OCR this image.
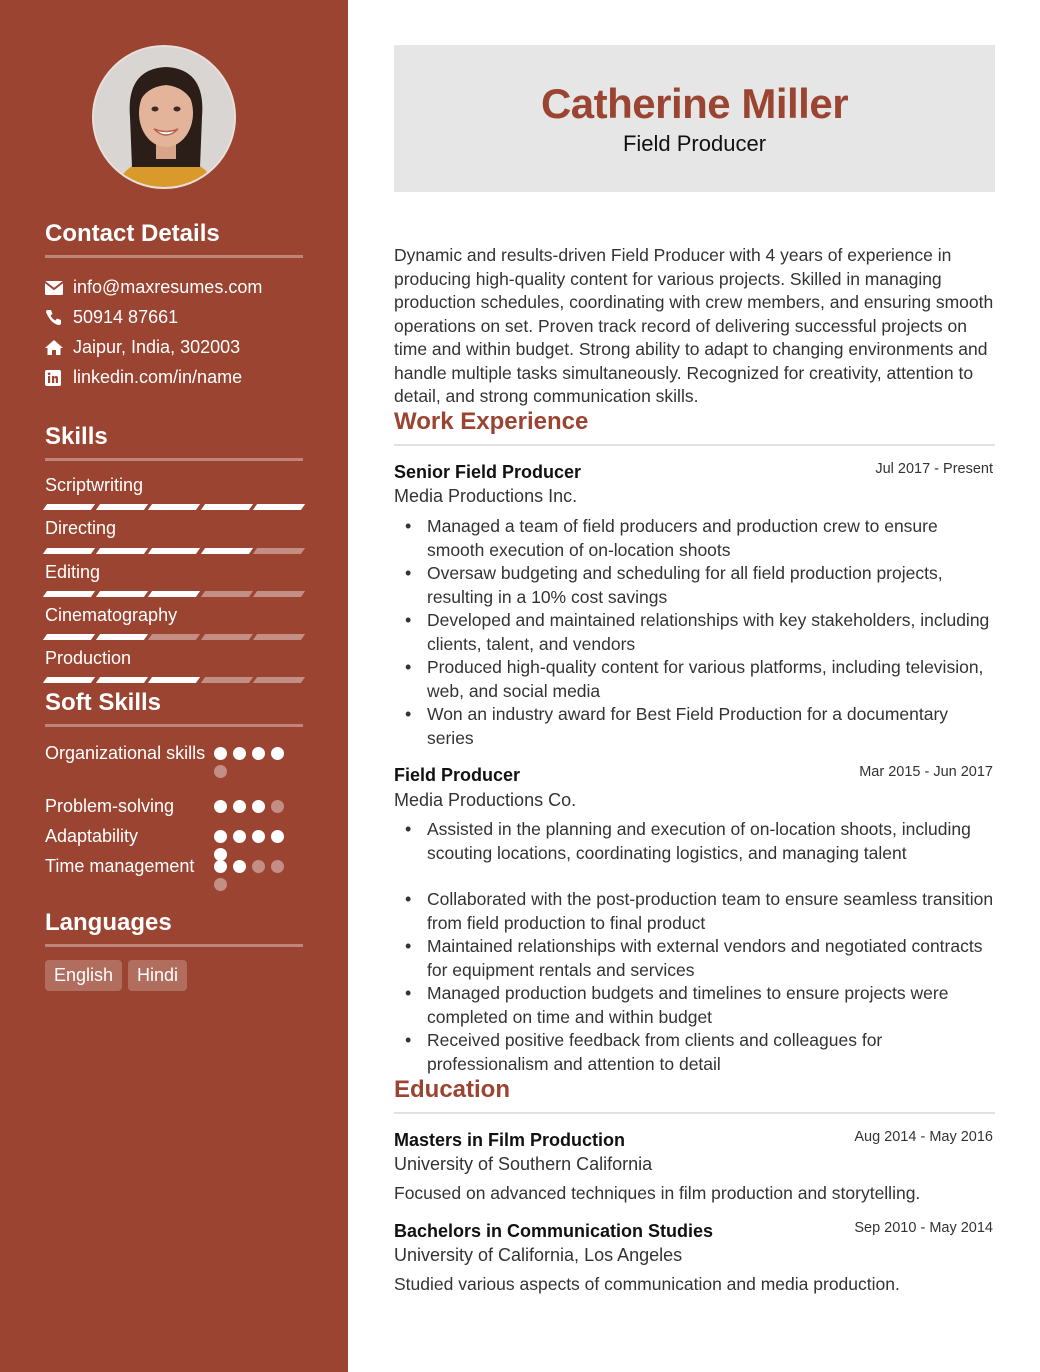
Contact Details
info@maxresumes.com
50914 87661
Jaipur, India, 302003
linkedin.com/in/name
Skills
Scriptwriting
Directing
Editing
Cinematography
Production
Soft Skills
Organizational skills
Problem-solving
Adaptability
Time management
Languages
English	Hindi
Catherine Miller
Field Producer
Dynamic and results-driven Field Producer with 4 years of experience in producing high-quality content for various projects. Skilled in managing production schedules, coordinating with crew members, and ensuring smooth operations on set. Proven track record of delivering successful projects on time and within budget. Strong ability to adapt to changing environments and handle multiple tasks simultaneously. Recognized for creativity, attention to detail, and strong communication skills.
Work Experience
Senior Field Producer	Jul 2017 - Present
Media Productions Inc.
• Managed a team of field producers and production crew to ensure smooth execution of on-location shoots
• Oversaw budgeting and scheduling for all field production projects, resulting in a 10% cost savings
• Developed and maintained relationships with key stakeholders, including clients, talent, and vendors
• Produced high-quality content for various platforms, including television, web, and social media
• Won an industry award for Best Field Production for a documentary series
Field Producer	Mar 2015 - Jun 2017
Media Productions Co.
• Assisted in the planning and execution of on-location shoots, including scouting locations, coordinating logistics, and managing talent
• Collaborated with the post-production team to ensure seamless transition from field production to final product
• Maintained relationships with external vendors and negotiated contracts for equipment rentals and services
• Managed production budgets and timelines to ensure projects were completed on time and within budget
• Received positive feedback from clients and colleagues for professionalism and attention to detail
Education
Masters in Film Production	Aug 2014 - May 2016
University of Southern California
Focused on advanced techniques in film production and storytelling.
Bachelors in Communication Studies	Sep 2010 - May 2014
University of California, Los Angeles
Studied various aspects of communication and media production.
